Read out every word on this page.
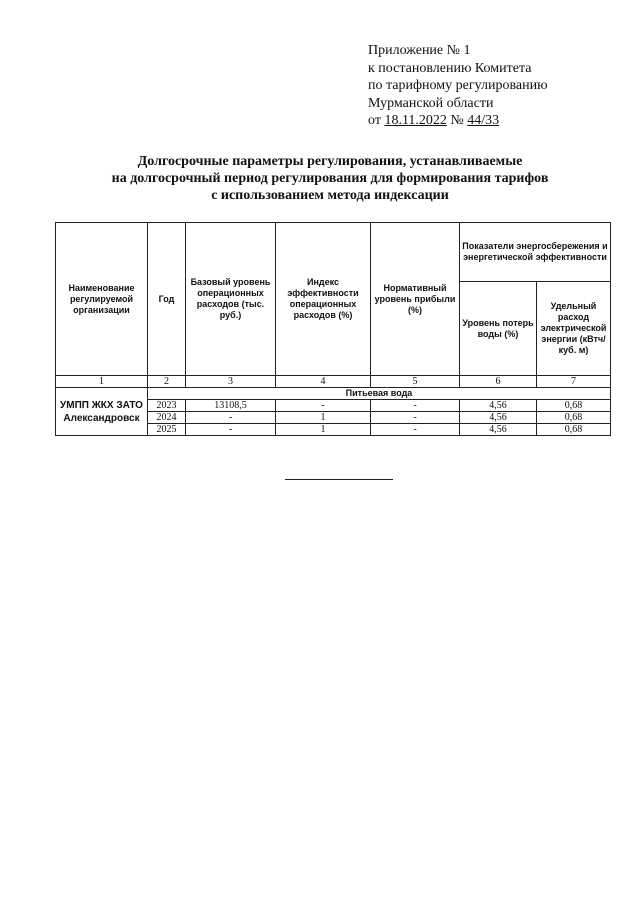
Приложение № 1
к постановлению Комитета
по тарифному регулированию
Мурманской области
от 18.11.2022 № 44/33
Долгосрочные параметры регулирования, устанавливаемые
на долгосрочный период регулирования для формирования тарифов
с использованием метода индексации
Наименование регулируемой организации	Год	Базовый уровень операционных расходов (тыс. руб.)	Индекс эффективности операционных расходов (%)	Нормативный уровень прибыли (%)	Показатели энергосбережения и энергетической эффективности	
					Уровень потерь воды (%)	Удельный расход электрической энергии (кВтч/куб. м)
1	2	3	4	5	6	7
УМПП ЖКХ ЗАТО Александровск	Питьевая вода					
	2023	13108,5	-	-	4,56	0,68
	2024	-	1	-	4,56	0,68
	2025	-	1	-	4,56	0,68
